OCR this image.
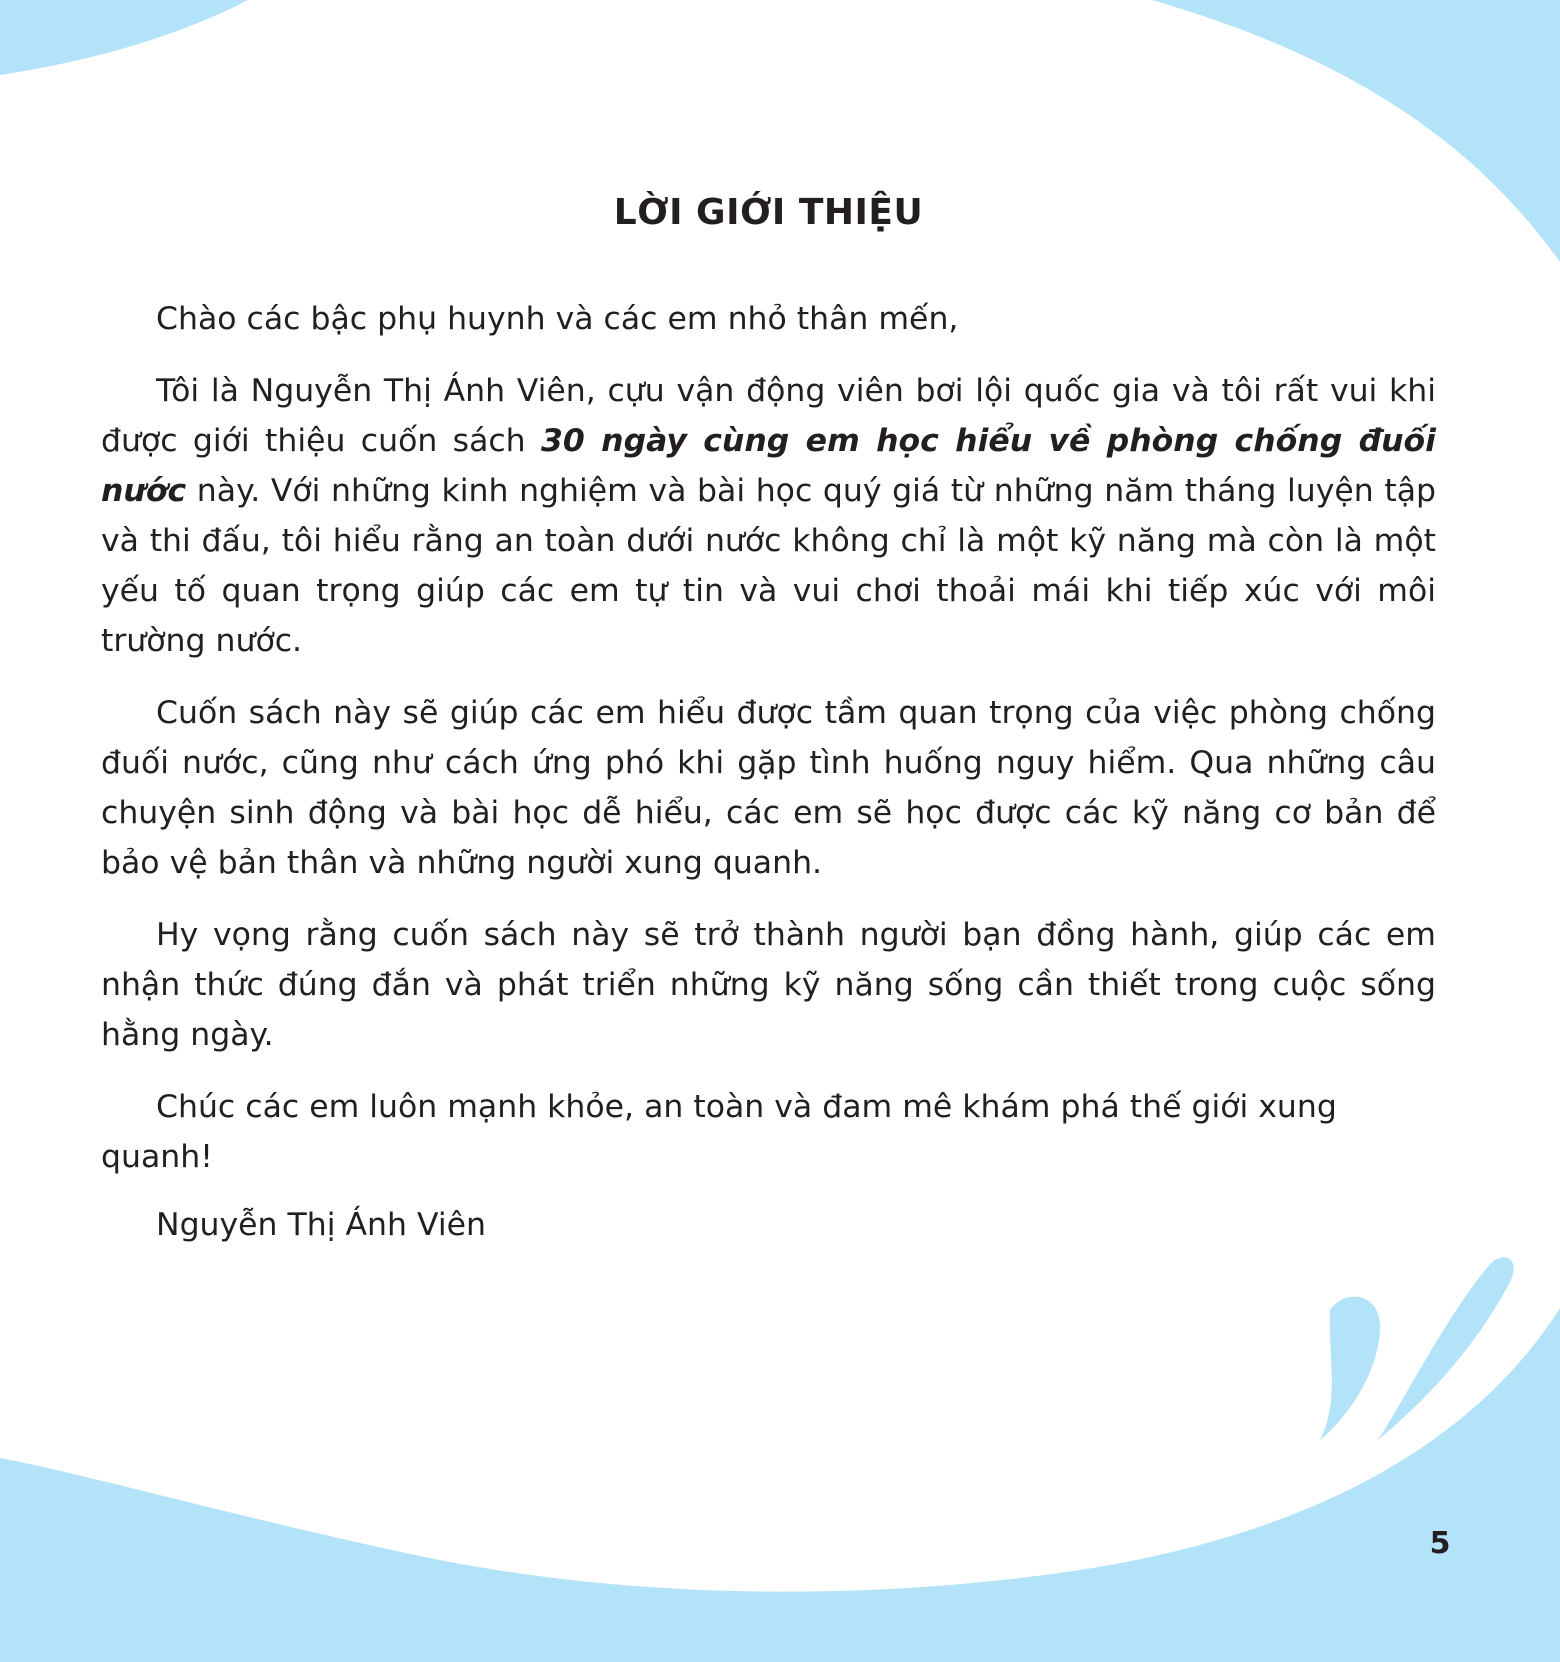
LỜI GIỚI THIỆU

Chào các bậc phụ huynh và các em nhỏ thân mến,

Tôi là Nguyễn Thị Ánh Viên, cựu vận động viên bơi lội quốc gia và tôi rất vui khi được giới thiệu cuốn sách 30 ngày cùng em học hiểu về phòng chống đuối nước này. Với những kinh nghiệm và bài học quý giá từ những năm tháng luyện tập và thi đấu, tôi hiểu rằng an toàn dưới nước không chỉ là một kỹ năng mà còn là một yếu tố quan trọng giúp các em tự tin và vui chơi thoải mái khi tiếp xúc với môi trường nước.

Cuốn sách này sẽ giúp các em hiểu được tầm quan trọng của việc phòng chống đuối nước, cũng như cách ứng phó khi gặp tình huống nguy hiểm. Qua những câu chuyện sinh động và bài học dễ hiểu, các em sẽ học được các kỹ năng cơ bản để bảo vệ bản thân và những người xung quanh.

Hy vọng rằng cuốn sách này sẽ trở thành người bạn đồng hành, giúp các em nhận thức đúng đắn và phát triển những kỹ năng sống cần thiết trong cuộc sống hằng ngày.

Chúc các em luôn mạnh khỏe, an toàn và đam mê khám phá thế giới xung quanh!

Nguyễn Thị Ánh Viên

5
